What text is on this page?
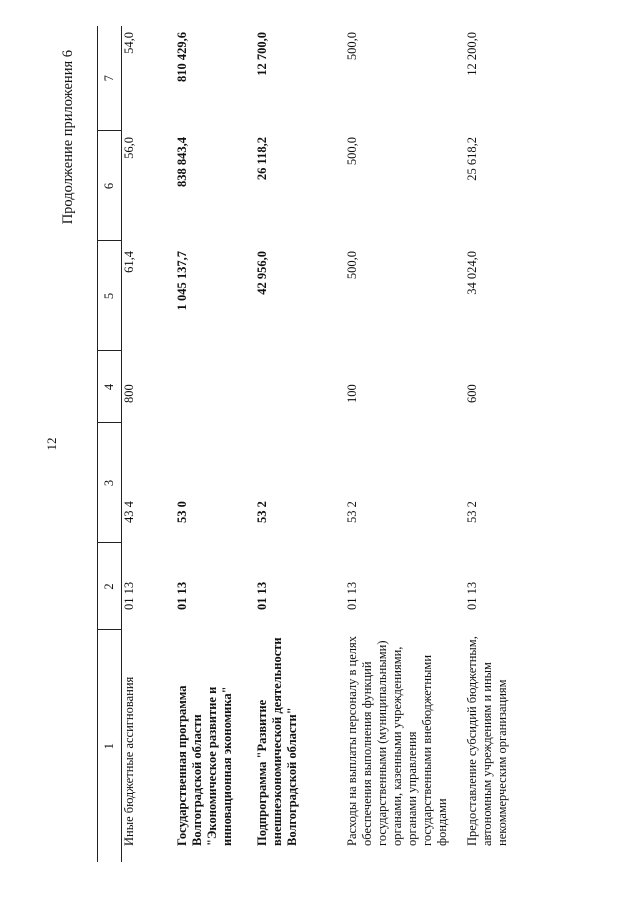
12
Продолжение приложения 6
1	2	3	4	5	6	7
Иные бюджетные ассигнования	01 13	43 4	800	61,4	56,0	54,0
Государственная программа Волгоградской области "Экономическое развитие и инновационная экономика"	01 13	53 0		1 045 137,7	838 843,4	810 429,6
Подпрограмма "Развитие внешнеэкономической деятельности Волгоградской области"	01 13	53 2		42 956,0	26 118,2	12 700,0
Расходы на выплаты персоналу в целях обеспечения выполнения функций государственными (муниципальными) органами, казенными учреждениями, органами управления государственными внебюджетными фондами	01 13	53 2	100	500,0	500,0	500,0
Предоставление субсидий бюджетным, автономным учреждениям и иным некоммерческим организациям	01 13	53 2	600	34 024,0	25 618,2	12 200,0
